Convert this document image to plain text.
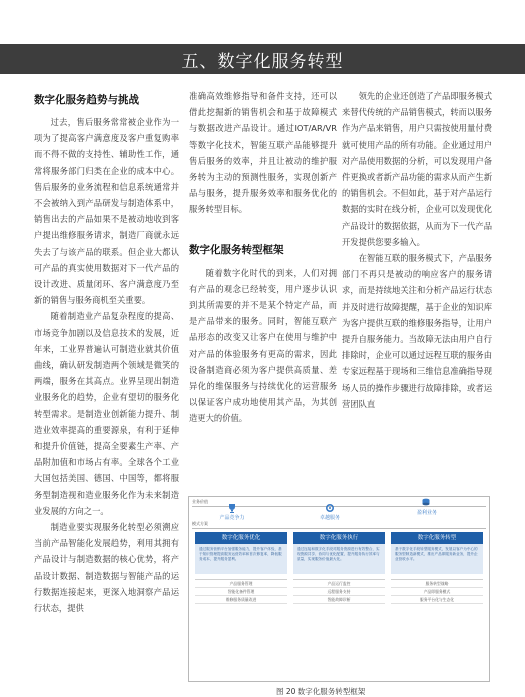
五、数字化服务转型
数字化服务趋势与挑战

过去，售后服务常常被企业作为一项为了提高客户满意度及客户重复购率而不得不做的支持性、辅助性工作，通常将服务部门归类在企业的成本中心。售后服务的业务流程和信息系统通常并不会被纳入到产品研发与制造体系中，销售出去的产品如果不是被动地收到客户提出维修服务请求，制造厂商就永远失去了与该产品的联系。但企业大都认可产品的真实使用数据对下一代产品的设计改进、质量闭环、客户满意度乃至新的销售与服务商机至关重要。

随着制造业产品复杂程度的提高、市场竞争加剧以及信息技术的发展，近年来，工业界普遍认可制造业就其价值曲线，确认研发制造两个领域是微笑的两端，服务在其高点。业界呈现出制造业服务化的趋势，企业有望切的服务化转型需求。是制造业创新能力提升、制造业效率提高的重要源泉，有利于延伸和提升价值链，提高全要素生产率、产品附加值和市场占有率。全球各个工业大国包括美国、德国、中国等，都将服务型制造视和造业服务化作为未来制造业发展的方向之一。

制造业要实现服务化转型必须溯应当前产品智能化发展趋势，利用其拥有产品设计与制造数据的核心优势，将产品设计数据、制造数据与智能产品的运行数据连接起来，更深入地洞察产品运行状态，提供

准确高效维修指导和备件支持，还可以借此挖掘新的销售机会和基于故障模式与数据改进产品设计。通过IOT/AR/VR等数字化技术，智能互联产品能够提升售后服务的效率，并且让被动的维护服务转为主动的预测性服务，实现创新产品与服务，提升服务效率和服务优化的服务转型目标。

数字化服务转型框架

随着数字化时代的到来，人们对拥有产品的观念已经转变，用户逐步认识到其所需要的并不是某个特定产品，而是产品带来的服务。同时，智能互联产品形态的改变又让客户在使用与维护中对产品的体验服务有更高的需求，因此设备制造商必须为客户提供高质量、差异化的维保服务与持续优化的运营服务以保证客户成功地使用其产品，为其创造更大的价值。

领先的企业还创造了产品即服务模式来替代传统的产品销售模式，转而以服务作为产品来销售，用户只需按使用量付费就可使用产品的所有功能。企业通过用户对产品使用数据的分析，可以发现用户备件更换或者新产品功能的需求从而产生新的销售机会。不但如此，基于对产品运行数据的实时在线分析，企业可以发现优化产品设计的数据依据，从而为下一代产品开发提供您要多输入。

在智能互联的服务模式下，产品服务部门不再只是被动的响应客户的服务请求，而是持续地关注和分析产品运行状态并及时进行故障提醒，基于企业的知识库为客户提供互联的维修服务指导，让用户提升自服务能力。当故障无法由用户自行排除时，企业可以通过远程互联的服务由专家远程基于现场和三维信息准确指导现场人员的操作步骤进行故障排除，或者运营团队直

业务价值
产品竞争力	卓越服务
盈利业务
模式方案
数字化服务优化
通过服务营销平台加强服务能力，提升客户体验，基于知识管理提高服务运营效率和首次修复率，降低服务成本，提升服务盈利。
产品服务管理
智能化备件管理
维修服务质量改进
数字化服务执行
通过连接和数字化手段对服务资源进行有效整合，实现资源共享、协同与优化配置，提升服务执行效率与质量，实现服务价值最大化。
产品运行监控
远程服务支持
智能故障诊断
数字化服务转型
基于数字化手段转型服务模式，发展以客户为中心的服务型制造新模式，推出产品即服务新业务，提升企业营收水平。
服务转型战略
产品即服务模式
服务平台化与生态化
图 20 数字化服务转型框架
